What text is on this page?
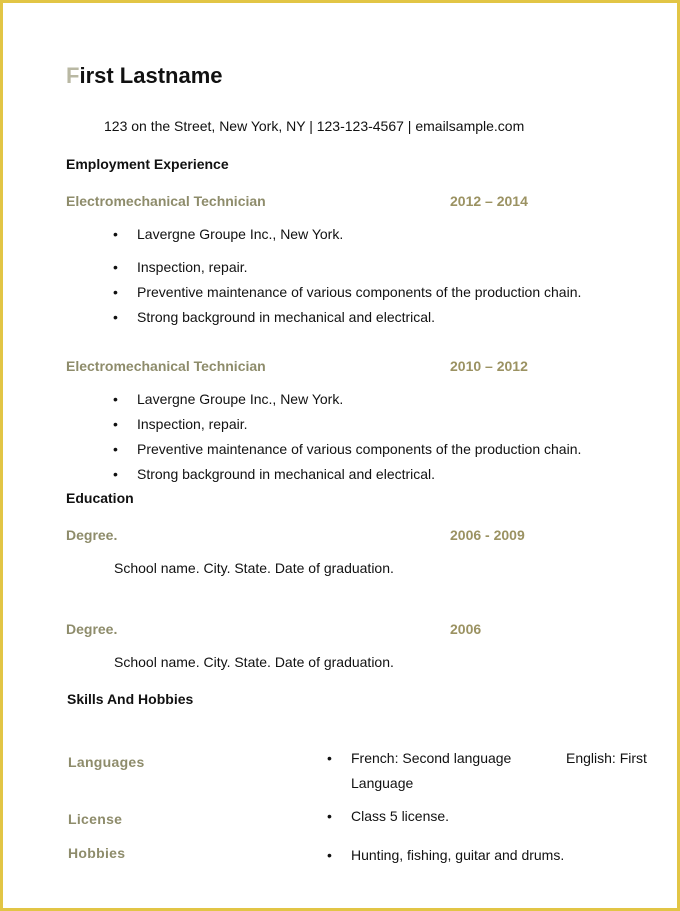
First Lastname
123 on the Street, New York, NY | 123-123-4567 | emailsample.com
Employment Experience
Electromechanical Technician	2012 – 2014
• Lavergne Groupe Inc., New York.
• Inspection, repair.
• Preventive maintenance of various components of the production chain.
• Strong background in mechanical and electrical.
Electromechanical Technician	2010 – 2012
• Lavergne Groupe Inc., New York.
• Inspection, repair.
• Preventive maintenance of various components of the production chain.
• Strong background in mechanical and electrical.
Education
Degree.	2006 - 2009
School name. City. State. Date of graduation.
Degree.	2006
School name. City. State. Date of graduation.
Skills And Hobbies
Languages	• French: Second language	English: First
Language
License	• Class 5 license.
Hobbies	• Hunting, fishing, guitar and drums.
